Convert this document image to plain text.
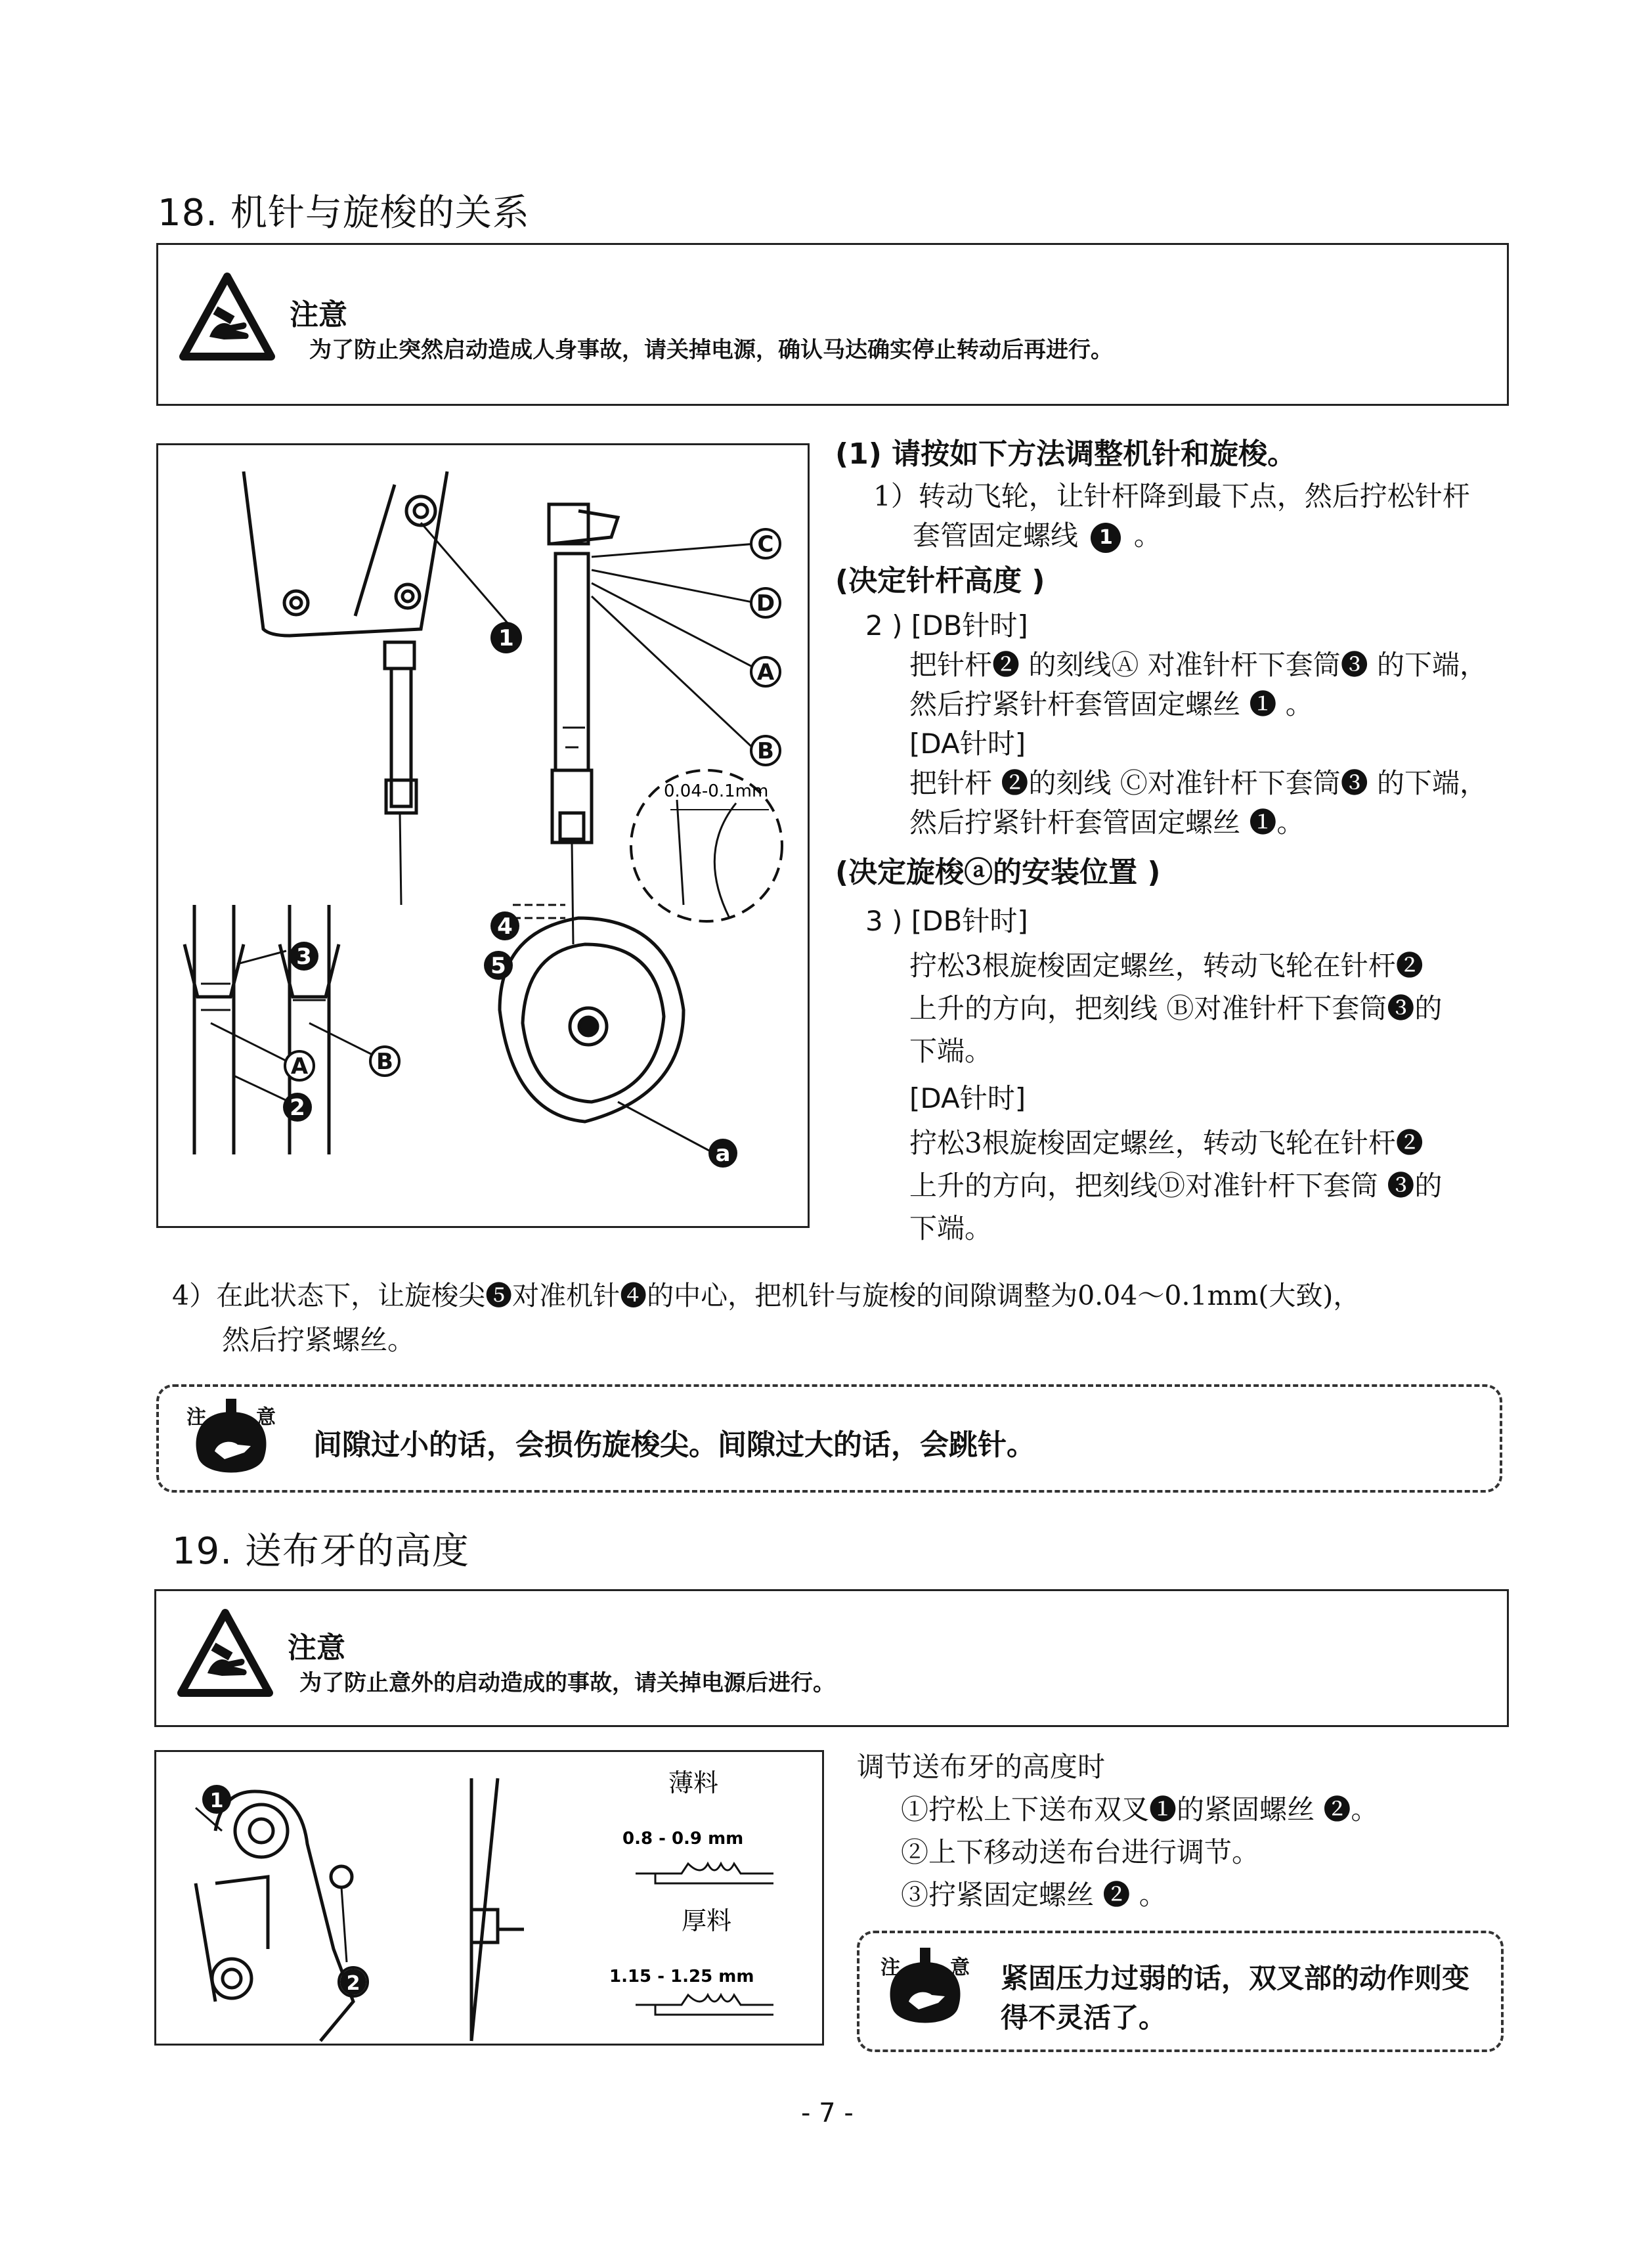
18. 机针与旋梭的关系
注意
为了防止突然启动造成人身事故，请关掉电源，确认马达确实停止转动后再进行。
1
C
D
A
B
4
5
a
3
A
2
B
0.04-0.1mm
(1) 请按如下方法调整机针和旋梭。
1）转动飞轮，让针杆降到最下点，然后拧松针杆
套管固定螺线 1 。
(决定针杆高度 )
2 ) [DB针时]
把针杆❷ 的刻线Ⓐ 对准针杆下套筒❸ 的下端，
然后拧紧针杆套管固定螺丝 ❶ 。
[DA针时]
把针杆 ❷的刻线 Ⓒ对准针杆下套筒❸ 的下端，
然后拧紧针杆套管固定螺丝 ❶。
(决定旋梭ⓐ的安装位置 )
3 ) [DB针时]
拧松3根旋梭固定螺丝，转动飞轮在针杆❷
上升的方向，把刻线 Ⓑ对准针杆下套筒❸的
下端。
[DA针时]
拧松3根旋梭固定螺丝，转动飞轮在针杆❷
上升的方向，把刻线Ⓓ对准针杆下套筒 ❸的
下端。
4）在此状态下，让旋梭尖❺对准机针❹的中心，把机针与旋梭的间隙调整为0.04～0.1mm(大致)，
然后拧紧螺丝。
注	意
间隙过小的话，会损伤旋梭尖。间隙过大的话，会跳针。
19. 送布牙的高度
注意
为了防止意外的启动造成的事故，请关掉电源后进行。
1
2
薄料
0.8 - 0.9 mm
厚料
1.15 - 1.25 mm
调节送布牙的高度时
①拧松上下送布双叉❶的紧固螺丝 ❷。
②上下移动送布台进行调节。
③拧紧固定螺丝 ❷ 。
注	意 紧固压力过弱的话，双叉部的动作则变
得不灵活了。
- 7 -
